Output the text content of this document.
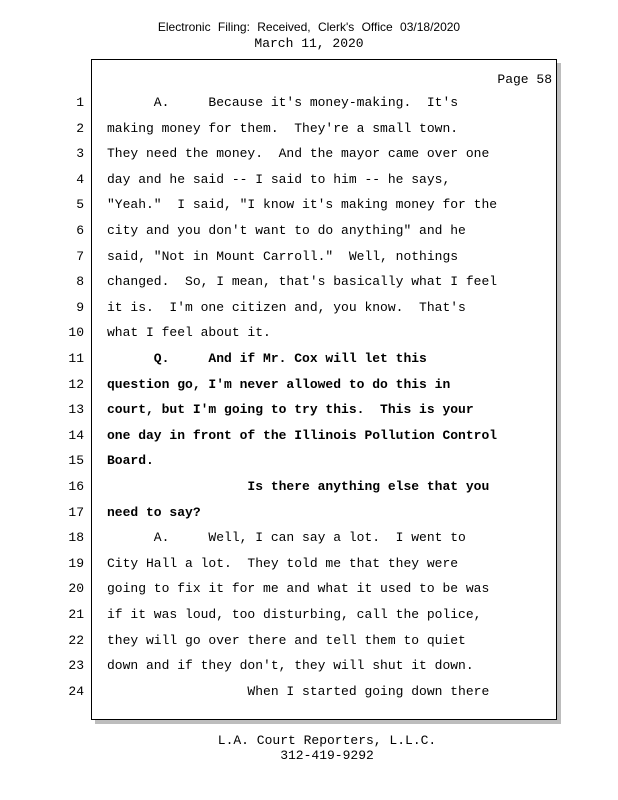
Electronic Filing: Received, Clerk's Office 03/18/2020
March 11, 2020
Page 58
1 A.     Because it's money-making.  It's
2 making money for them.  They're a small town.
3 They need the money.  And the mayor came over one
4 day and he said -- I said to him -- he says,
5 "Yeah."  I said, "I know it's making money for the
6 city and you don't want to do anything" and he
7 said, "Not in Mount Carroll."  Well, nothings
8 changed.  So, I mean, that's basically what I feel
9 it is.  I'm one citizen and, you know.  That's
10 what I feel about it.
11 Q.     And if Mr. Cox will let this
12 question go, I'm never allowed to do this in
13 court, but I'm going to try this.  This is your
14 one day in front of the Illinois Pollution Control
15 Board.
16 Is there anything else that you
17 need to say?
18 A.     Well, I can say a lot.  I went to
19 City Hall a lot.  They told me that they were
20 going to fix it for me and what it used to be was
21 if it was loud, too disturbing, call the police,
22 they will go over there and tell them to quiet
23 down and if they don't, they will shut it down.
24 When I started going down there
L.A. Court Reporters, L.L.C.
312-419-9292
